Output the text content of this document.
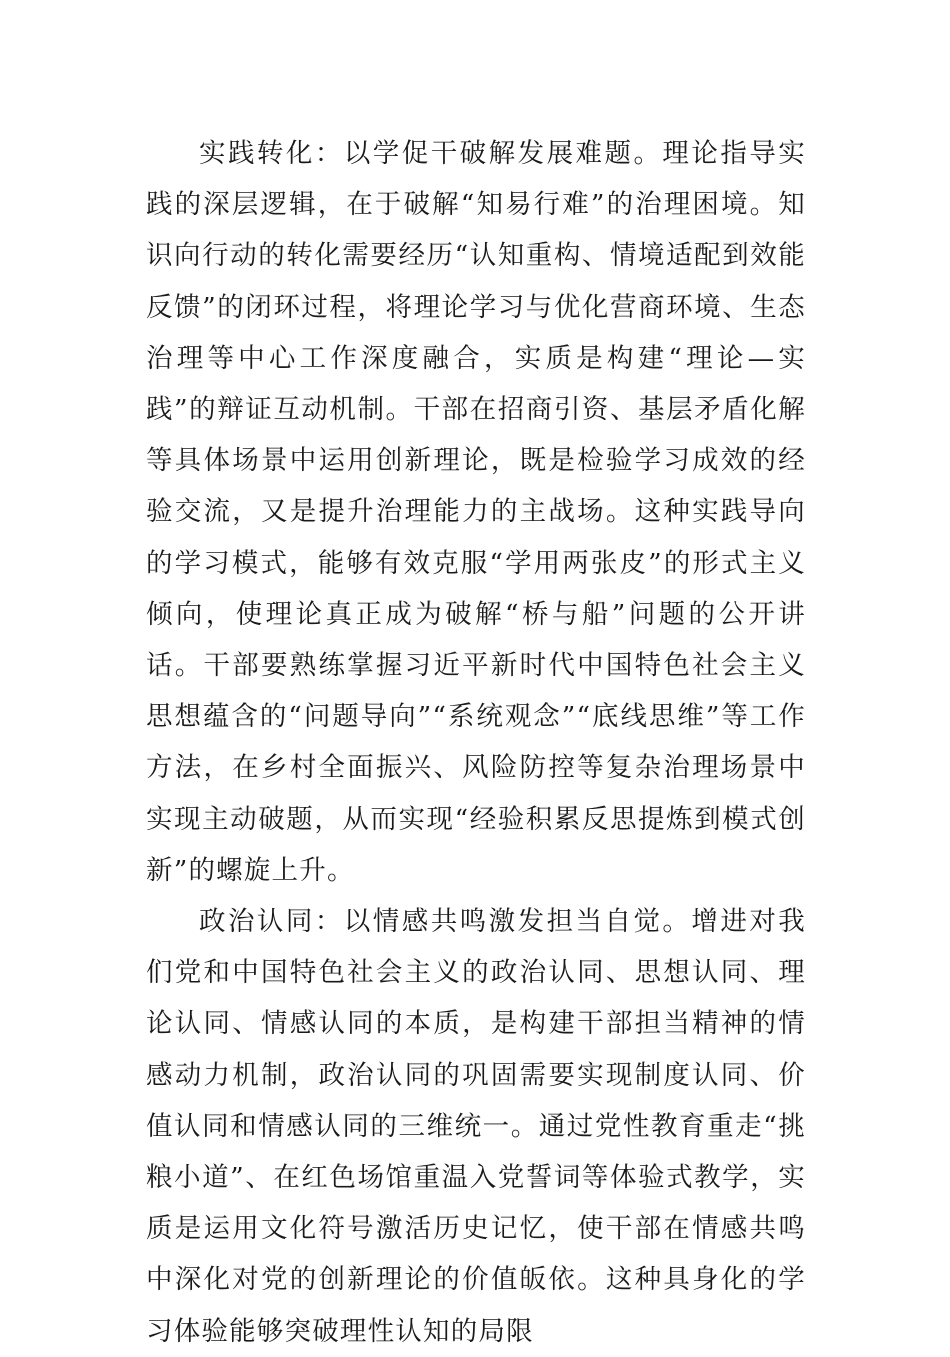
实践转化：以学促干破解发展难题。理论指导实践的深层逻辑，在于破解“知易行难”的治理困境。知识向行动的转化需要经历“认知重构、情境适配到效能反馈”的闭环过程，将理论学习与优化营商环境、生态治理等中心工作深度融合，实质是构建“理论—实践”的辩证互动机制。干部在招商引资、基层矛盾化解等具体场景中运用创新理论，既是检验学习成效的经验交流，又是提升治理能力的主战场。这种实践导向的学习模式，能够有效克服“学用两张皮”的形式主义倾向，使理论真正成为破解“桥与船”问题的公开讲话。干部要熟练掌握习近平新时代中国特色社会主义思想蕴含的“问题导向”“系统观念”“底线思维”等工作方法，在乡村全面振兴、风险防控等复杂治理场景中实现主动破题，从而实现“经验积累反思提炼到模式创新”的螺旋上升。

政治认同：以情感共鸣激发担当自觉。增进对我们党和中国特色社会主义的政治认同、思想认同、理论认同、情感认同的本质，是构建干部担当精神的情感动力机制，政治认同的巩固需要实现制度认同、价值认同和情感认同的三维统一。通过党性教育重走“挑粮小道”、在红色场馆重温入党誓词等体验式教学，实质是运用文化符号激活历史记忆，使干部在情感共鸣中深化对党的创新理论的价值皈依。这种具身化的学习体验能够突破理性认知的局限
